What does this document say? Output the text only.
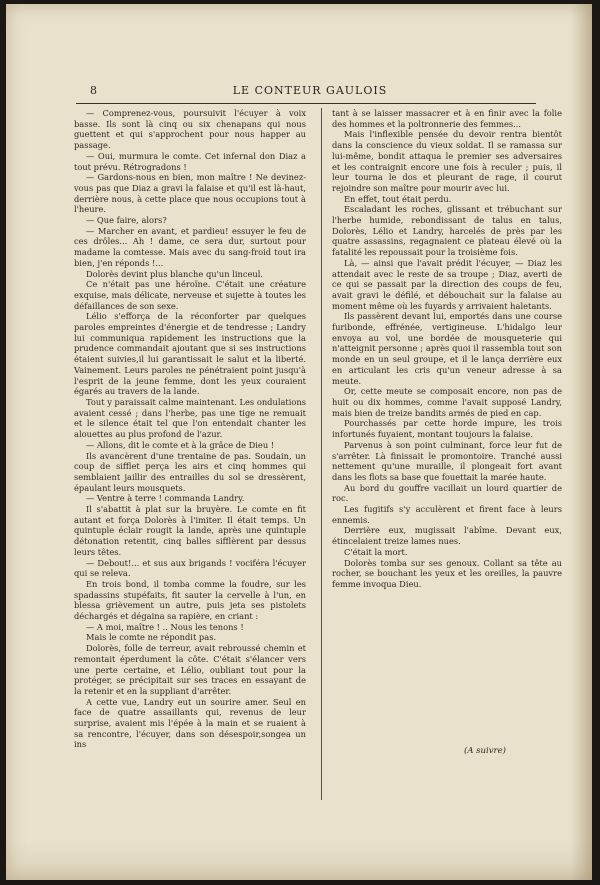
8	LE CONTEUR GAULOIS

— Comprenez-vous, poursuivit l'écuyer à voix basse. Ils sont là cinq ou six chenapans qui nous guettent et qui s'approchent pour nous happer au passage.

— Oui, murmura le comte. Cet infernal don Diaz a tout prévu. Rétrogradons !

— Gardons-nous en bien, mon maître ! Ne devinez-vous pas que Diaz a gravi la falaise et qu'il est là-haut, derrière nous, à cette place que nous occupions tout à l'heure.

— Que faire, alors?

— Marcher en avant, et pardieu! essuyer le feu de ces drôles... Ah ! dame, ce sera dur, surtout pour madame la comtesse. Mais avec du sang-froid tout ira bien, j'en réponds !...

Dolorès devint plus blanche qu'un linceul.

Ce n'était pas une héroïne. C'était une créature exquise, mais délicate, nerveuse et sujette à toutes les défaillances de son sexe.

Lélio s'efforça de la réconforter par quelques paroles empreintes d'énergie et de tendresse ; Landry lui communiqua rapidement les instructions que la prudence commandait ajoutant que si ses instructions étaient suivies,il lui garantissait le salut et la liberté. Vainement. Leurs paroles ne pénétraient point jusqu'à l'esprit de la jeune femme, dont les yeux couraient égarés au travers de la lande.

Tout y paraissait calme maintenant. Les ondulations avaient cessé ; dans l'herbe, pas une tige ne remuait et le silence était tel que l'on entendait chanter les alouettes au plus profond de l'azur.

— Allons, dit le comte et à la grâce de Dieu !

Ils avancèrent d'une trentaine de pas. Soudain, un coup de sifflet perça les airs et cinq hommes qui semblaient jaillir des entrailles du sol se dressèrent, épaulant leurs mousquets.

— Ventre à terre ! commanda Landry.

Il s'abattit à plat sur la bruyère. Le comte en fit autant et força Dolorès à l'imiter. Il était temps. Un quintuple éclair rougit la lande, après une quintuple détonation retentit, cinq balles sifflèrent par dessus leurs têtes.

— Debout!... et sus aux brigands ! vociféra l'écuyer qui se releva.

En trois bond, il tomba comme la foudre, sur les spadassins stupéfaits, fit sauter la cervelle à l'un, en blessa grièvement un autre, puis jeta ses pistolets déchargés et dégaina sa rapière, en criant :

— A moi, maître ! .. Nous les tenons !

Mais le comte ne répondit pas.

Dolorès, folle de terreur, avait rebroussé chemin et remontait éperdument la côte. C'était s'élancer vers une perte certaine, et Lélio, oubliant tout pour la protéger, se précipitait sur ses traces en essayant de la retenir et en la suppliant d'arrêter.

A cette vue, Landry eut un sourire amer. Seul en face de quatre assaillants qui, revenus de leur surprise, avaient mis l'épée à la main et se ruaient à sa rencontre, l'écuyer, dans son désespoir,songea un ins

tant à se laisser massacrer et à en finir avec la folie des hommes et la poltronnerie des femmes...

Mais l'inflexible pensée du devoir rentra bientôt dans la conscience du vieux soldat. Il se ramassa sur lui-même, bondit attaqua le premier ses adversaires et les contraignit encore une fois à reculer ; puis, il leur tourna le dos et pleurant de rage, il courut rejoindre son maître pour mourir avec lui.

En effet, tout était perdu.

Escaladant les roches, glissant et trébuchant sur l'herbe humide, rebondissant de talus en talus, Dolorès, Lélio et Landry, harcelés de près par les quatre assassins, regagnaient ce plateau élevé où la fatalité les repoussait pour la troisième fois.

Là, — ainsi que l'avait prédit l'écuyer, — Diaz les attendait avec le reste de sa troupe ; Diaz, averti de ce qui se passait par la direction des coups de feu, avait gravi le défilé, et débouchait sur la falaise au moment même où les fuyards y arrivaient haletants.

Ils passèrent devant lui, emportés dans une course furibonde, effrénée, vertigineuse. L'hidalgo leur envoya au vol, une bordée de mousqueterie qui n'atteignit personne ; après quoi il rassembla tout son monde en un seul groupe, et il le lança derrière eux en articulant les cris qu'un veneur adresse à sa meute.

Or, cette meute se composait encore, non pas de huit ou dix hommes, comme l'avait supposé Landry, mais bien de treize bandits armés de pied en cap.

Pourchassés par cette horde impure, les trois infortunés fuyaient, montant toujours la falaise.

Parvenus à son point culminant, force leur fut de s'arrêter. Là finissait le promontoire. Tranché aussi nettement qu'une muraille, il plongeait fort avant dans les flots sa base que fouettait la marée haute.

Au bord du gouffre vacillait un lourd quartier de roc.

Les fugitifs s'y acculèrent et firent face à leurs ennemis.

Derrière eux, mugissait l'abîme. Devant eux, étincelaient treize lames nues.

C'était la mort.

Dolorès tomba sur ses genoux. Collant sa tête au rocher, se bouchant les yeux et les oreilles, la pauvre femme invoqua Dieu.

(A suivre)
